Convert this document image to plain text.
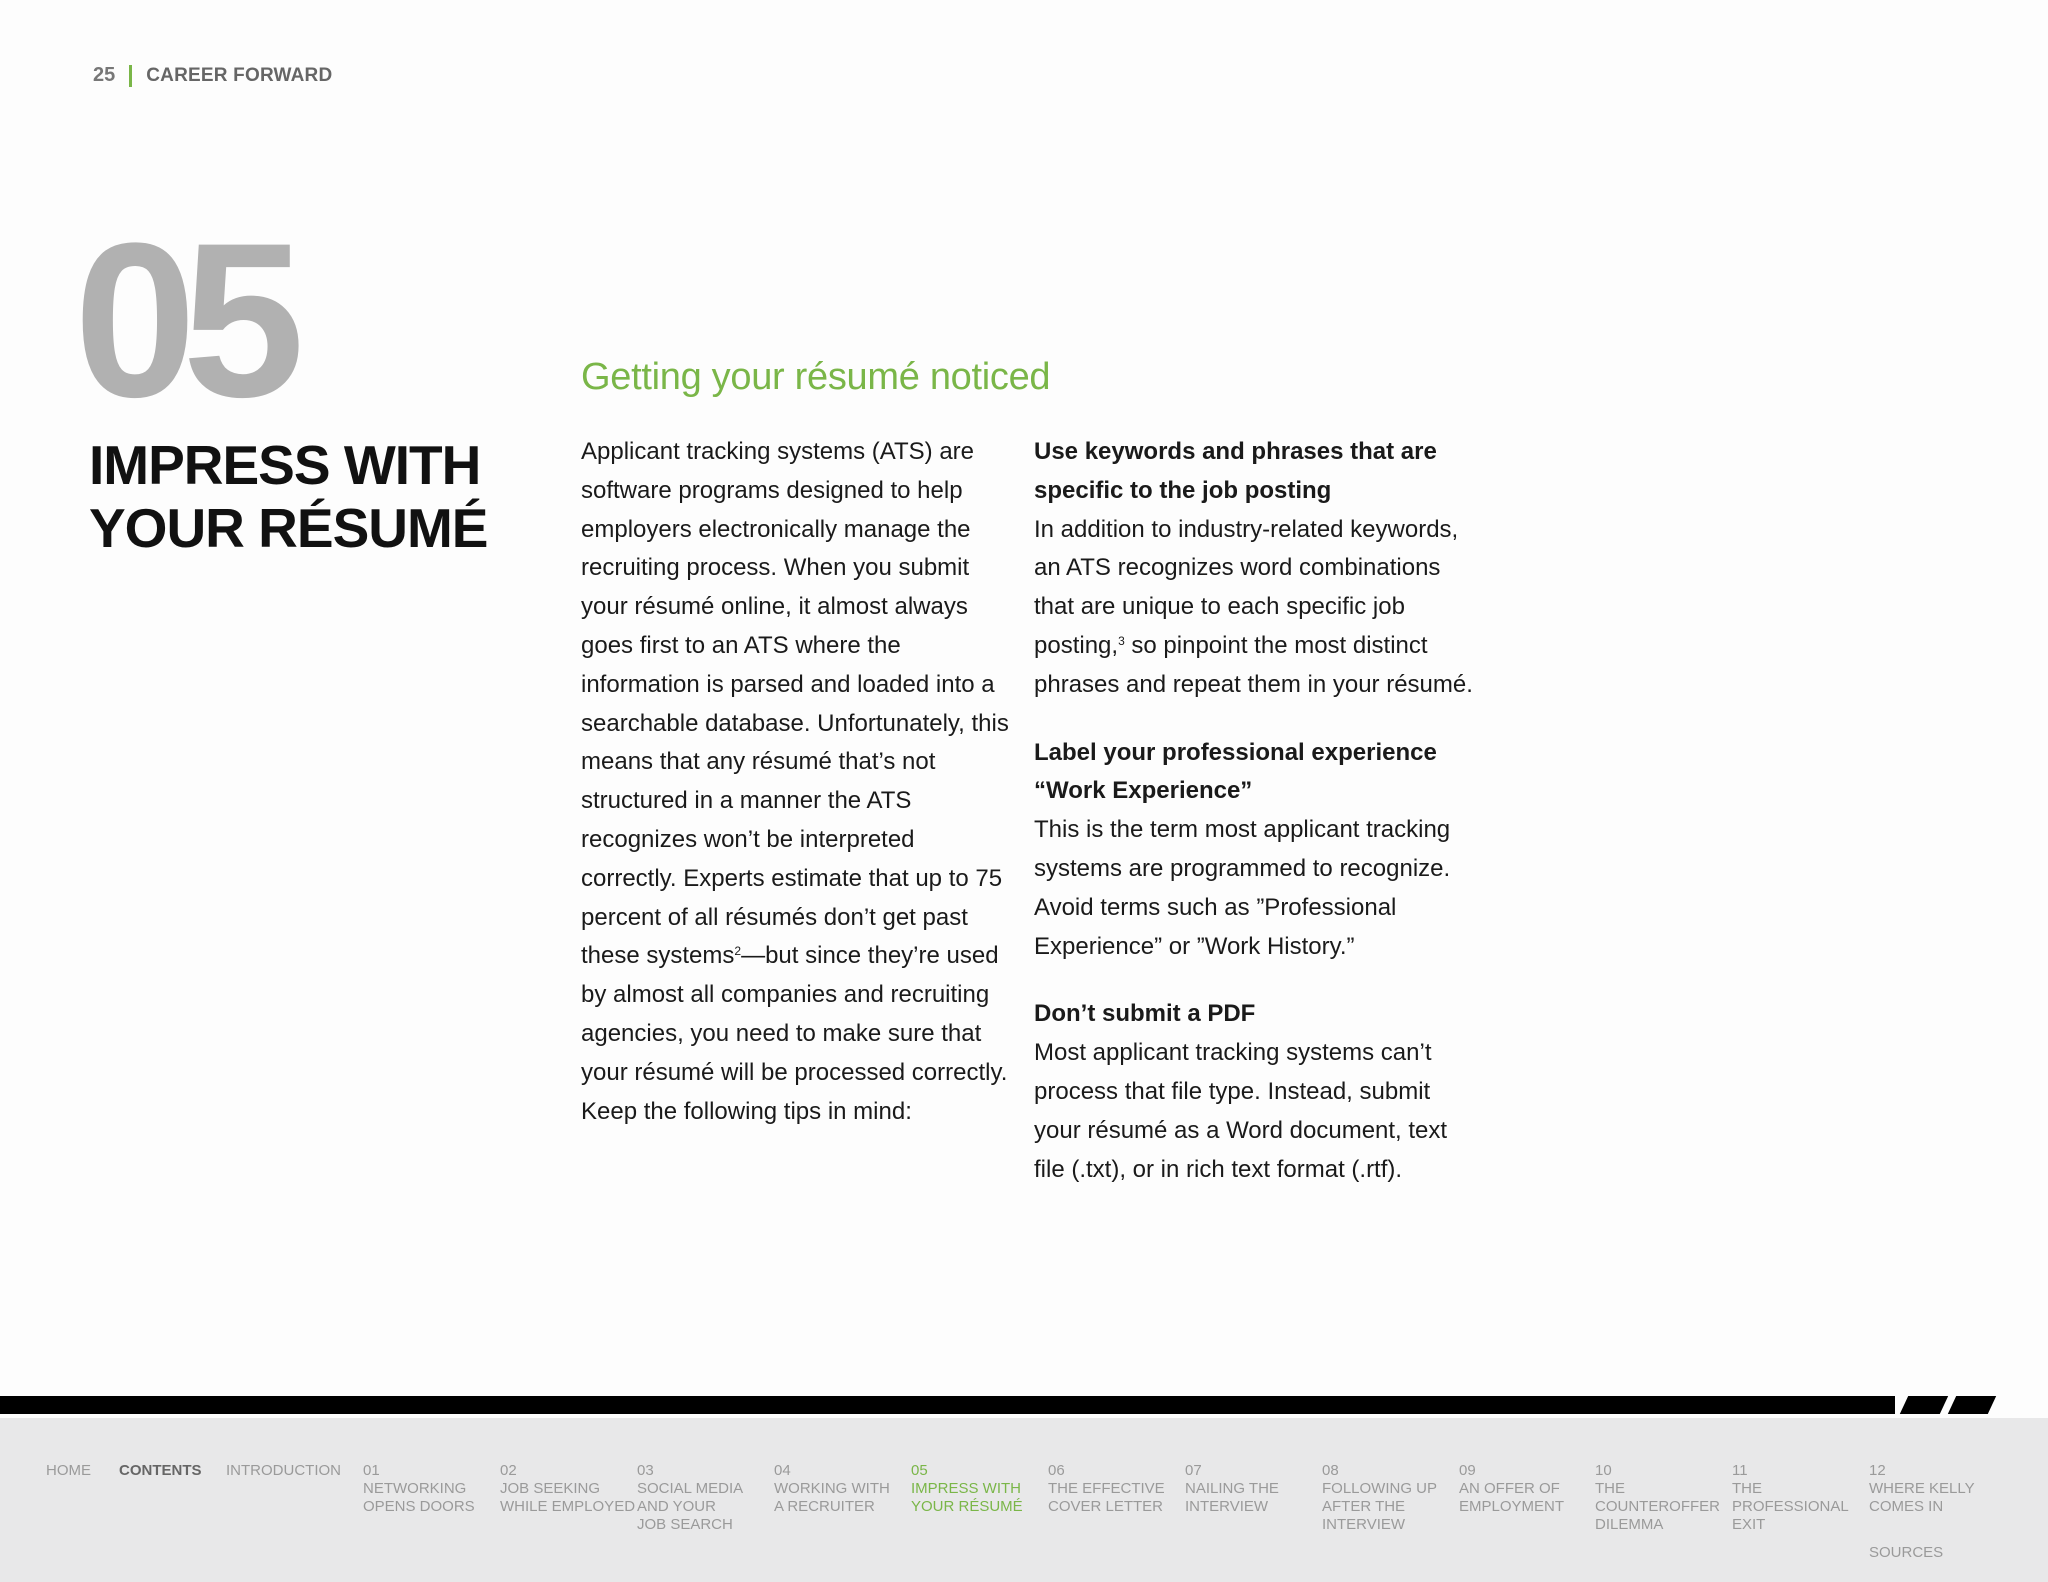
25 CAREER FORWARD
05
IMPRESS WITH
YOUR RÉSUMÉ
Getting your résumé noticed

Applicant tracking systems (ATS) are software programs designed to help employers electronically manage the recruiting process. When you submit your résumé online, it almost always goes first to an ATS where the information is parsed and loaded into a searchable database. Unfortunately, this means that any résumé that’s not structured in a manner the ATS recognizes won’t be interpreted correctly. Experts estimate that up to 75 percent of all résumés don’t get past these systems$^2$—but since they’re used by almost all companies and recruiting agencies, you need to make sure that your résumé will be processed correctly. Keep the following tips in mind:

Use keywords and phrases that are specific to the job posting
In addition to industry-related keywords, an ATS recognizes word combinations that are unique to each specific job posting,$^3$ so pinpoint the most distinct phrases and repeat them in your résumé.
Label your professional experience “Work Experience”
This is the term most applicant tracking systems are programmed to recognize. Avoid terms such as ”Professional Experience” or ”Work History.”
Don’t submit a PDF
Most applicant tracking systems can’t process that file type. Instead, submit your résumé as a Word document, text file (.txt), or in rich text format (.rtf).
HOME CONTENTS INTRODUCTION 01
NETWORKING
OPENS DOORS
02
JOB SEEKING
WHILE EMPLOYED
03
SOCIAL MEDIA
AND YOUR
JOB SEARCH
04
WORKING WITH
A RECRUITER
05
IMPRESS WITH
YOUR RÉSUMÉ
06
THE EFFECTIVE
COVER LETTER
07
NAILING THE
INTERVIEW
08
FOLLOWING UP
AFTER THE
INTERVIEW
09
AN OFFER OF
EMPLOYMENT
10
THE
COUNTEROFFER
DILEMMA
11
THE
PROFESSIONAL
EXIT
12
WHERE KELLY
COMES IN
SOURCES
